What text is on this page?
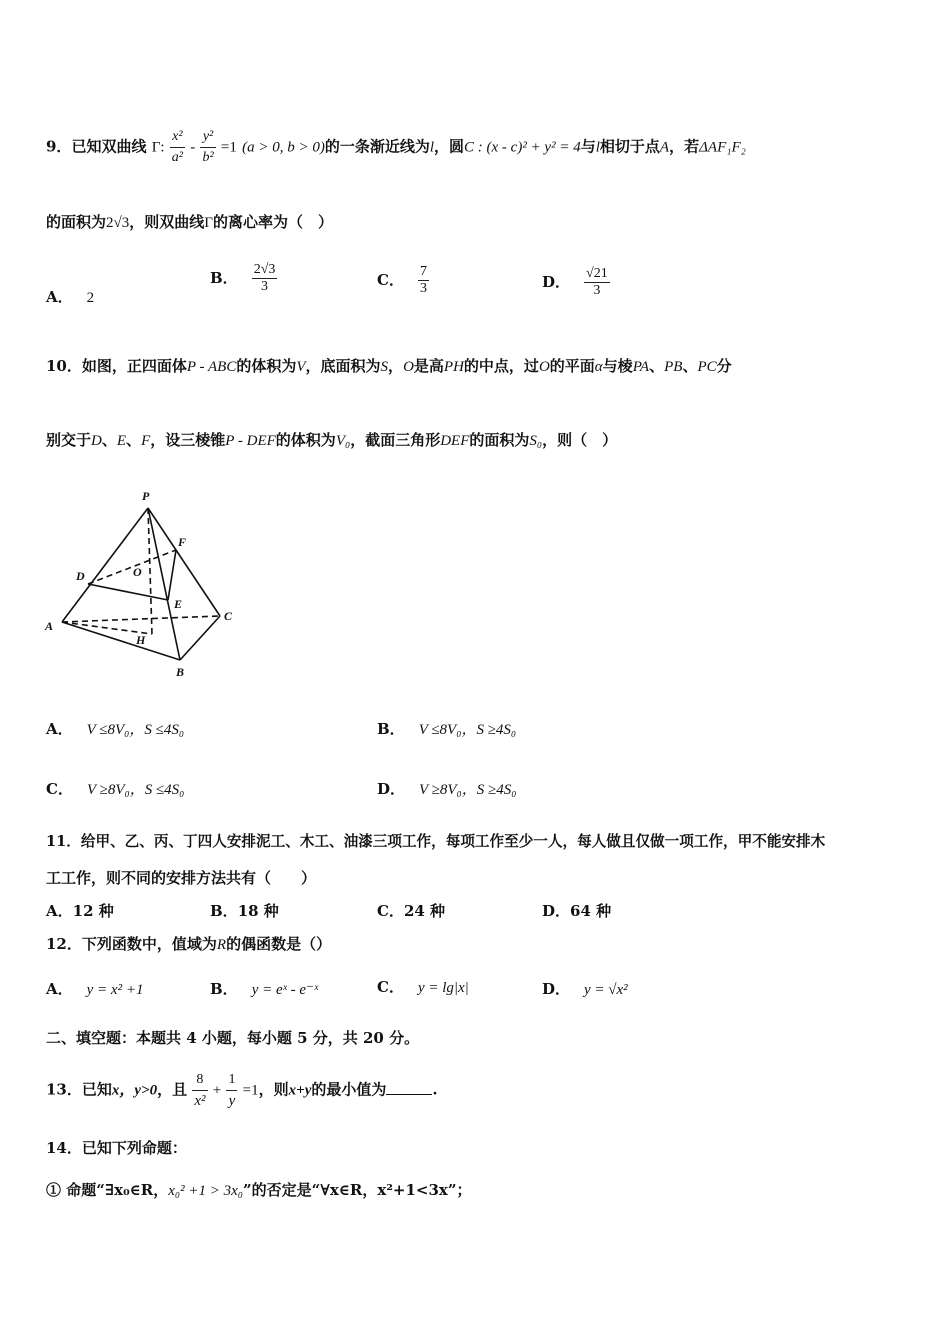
9．已知双曲线 Γ: $\frac{\text{x²}}{\text{a²}} - \frac{\text{y²}}{\text{b²}} =1$ (a > 0, b > 0)的一条渐近线为l，圆C : (x - c)² + y² = 4与l相切于点A，若ΔAF₁F₂
的面积为2√3，则双曲线Γ的离心率为（　）
A． 2
B． $\frac{2√3}{3}$	C． $\frac{7}{3}$	D． $\frac{√21}{3}$
10．如图，正四面体P - ABC的体积为V，底面积为S，O是高PH的中点，过O的平面α与棱PA、PB、PC分
别交于D、E、F，设三棱锥P - DEF的体积为V₀，截面三角形DEF的面积为S₀，则（　）
P
F
D	O
E
A
C
H
B
A． V ≤8V₀，S ≤4S₀	B． V ≤8V₀，S ≥4S₀
C． V ≥8V₀，S ≤4S₀	D． V ≥8V₀，S ≥4S₀
11．给甲、乙、丙、丁四人安排泥工、木工、油漆三项工作，每项工作至少一人，每人做且仅做一项工作，甲不能安排木
工工作，则不同的安排方法共有（　　）
A．12 种	B．18 种	C．24 种	D．64 种
12．下列函数中，值域为R的偶函数是（）
A． y = x² +1	B． y = eˣ - e⁻ˣ	C． y = lg|x|	D． y = √x²
二、填空题：本题共 4 小题，每小题 5 分，共 20 分。
13．已知x，y>0，且 $\frac{8}{\text{x²}} + \frac{1}{y} =1$，则x+y的最小值为	.
14．已知下列命题：
① 命题“∃x₀∈R，x₀² +1 > 3x₀”的否定是“∀x∈R，x²+1<3x”；
